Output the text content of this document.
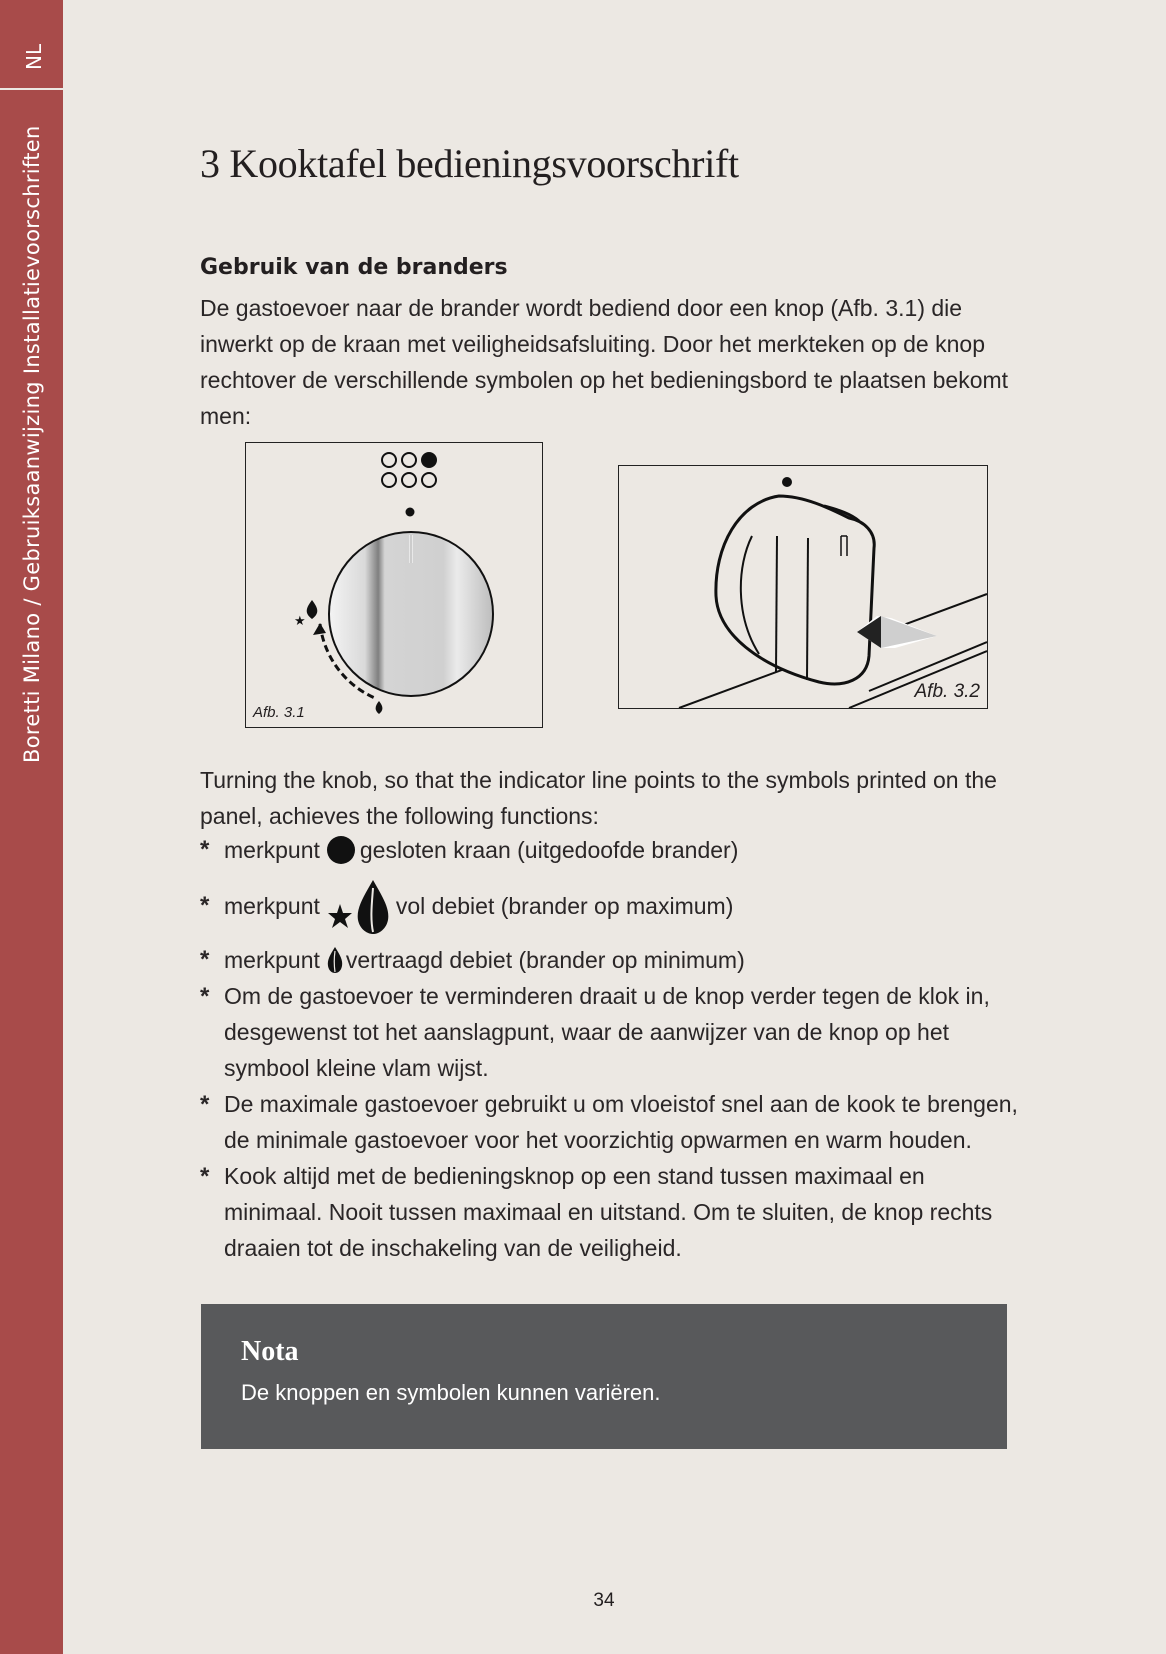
NL
Boretti Milano / Gebruiksaanwijzing Installatievoorschriften	3 Kooktafel bedieningsvoorschrift
Gebruik van de branders

De gastoevoer naar de brander wordt bediend door een knop (Afb. 3.1) die inwerkt op de kraan met veiligheidsafsluiting. Door het merkteken op de knop rechtover de verschillende symbolen op het bedieningsbord te plaatsen bekomt men:

★
Afb. 3.1
Afb. 3.2

Turning the knob, so that the indicator line points to the symbols printed on the panel, achieves the following functions:

* merkpunt gesloten kraan (uitgedoofde brander)
* merkpunt	vol debiet (brander op maximum)
* merkpunt vertraagd debiet (brander op minimum)
* Om de gastoevoer te verminderen draait u de knop verder tegen de klok in, desgewenst tot het aanslagpunt, waar de aanwijzer van de knop op het symbool kleine vlam wijst.
* De maximale gastoevoer gebruikt u om vloeistof snel aan de kook te brengen, de minimale gastoevoer voor het voorzichtig opwarmen en warm houden.
* Kook altijd met de bedieningsknop op een stand tussen maximaal en minimaal. Nooit tussen maximaal en uitstand. Om te sluiten, de knop rechts draaien tot de inschakeling van de veiligheid.

Nota

De knoppen en symbolen kunnen variëren.

34
